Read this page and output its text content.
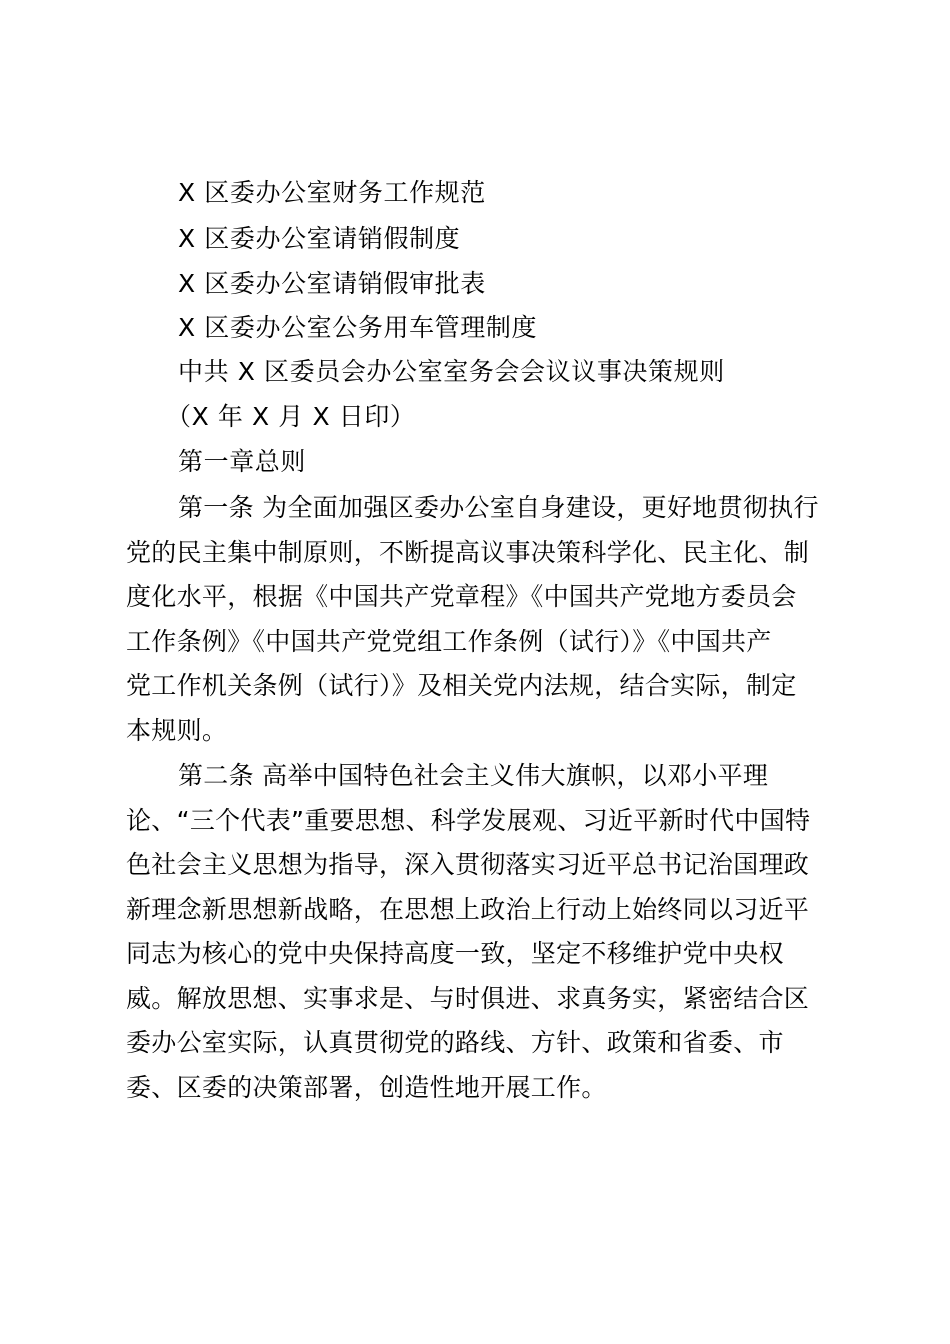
X 区委办公室财务工作规范
X 区委办公室请销假制度
X 区委办公室请销假审批表
X 区委办公室公务用车管理制度
中共 X 区委员会办公室室务会会议议事决策规则
（X 年 X 月 X 日印）
第一章总则
第一条 为全面加强区委办公室自身建设，更好地贯彻执行
党的民主集中制原则，不断提高议事决策科学化、民主化、制
度化水平，根据《中国共产党章程》《中国共产党地方委员会
工作条例》《中国共产党党组工作条例（试行）》《中国共产
党工作机关条例（试行）》及相关党内法规，结合实际，制定
本规则。
第二条 高举中国特色社会主义伟大旗帜，以邓小平理
论、“三个代表”重要思想、科学发展观、习近平新时代中国特
色社会主义思想为指导，深入贯彻落实习近平总书记治国理政
新理念新思想新战略，在思想上政治上行动上始终同以习近平
同志为核心的党中央保持高度一致，坚定不移维护党中央权
威。解放思想、实事求是、与时俱进、求真务实，紧密结合区
委办公室实际，认真贯彻党的路线、方针、政策和省委、市
委、区委的决策部署，创造性地开展工作。
